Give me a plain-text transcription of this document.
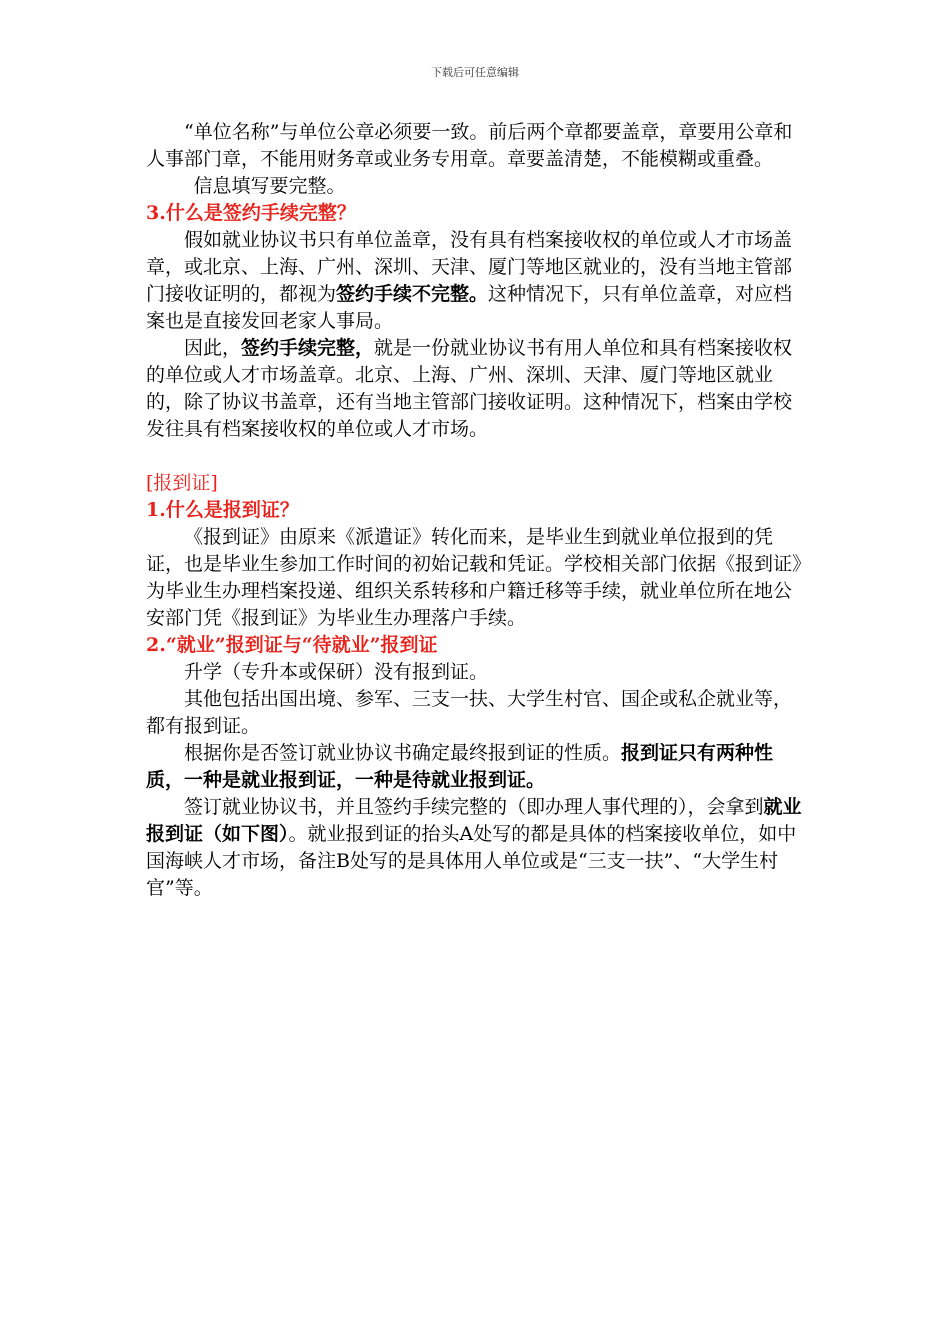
下载后可任意编辑

“单位名称”与单位公章必须要一致。前后两个章都要盖章，章要用公章和人事部门章，不能用财务章或业务专用章。章要盖清楚，不能模糊或重叠。

信息填写要完整。

3.什么是签约手续完整？

假如就业协议书只有单位盖章，没有具有档案接收权的单位或人才市场盖章，或北京、上海、广州、深圳、天津、厦门等地区就业的，没有当地主管部门接收证明的，都视为签约手续不完整。这种情况下，只有单位盖章，对应档案也是直接发回老家人事局。

因此，签约手续完整，就是一份就业协议书有用人单位和具有档案接收权的单位或人才市场盖章。北京、上海、广州、深圳、天津、厦门等地区就业的，除了协议书盖章，还有当地主管部门接收证明。这种情况下，档案由学校发往具有档案接收权的单位或人才市场。

[报到证]
1.什么是报到证？

《报到证》由原来《派遣证》转化而来，是毕业生到就业单位报到的凭证，也是毕业生参加工作时间的初始记载和凭证。学校相关部门依据《报到证》为毕业生办理档案投递、组织关系转移和户籍迁移等手续，就业单位所在地公安部门凭《报到证》为毕业生办理落户手续。

2.“就业”报到证与“待就业”报到证

升学（专升本或保研）没有报到证。

其他包括出国出境、参军、三支一扶、大学生村官、国企或私企就业等，都有报到证。

根据你是否签订就业协议书确定最终报到证的性质。报到证只有两种性质，一种是就业报到证，一种是待就业报到证。

签订就业协议书，并且签约手续完整的（即办理人事代理的），会拿到就业报到证（如下图）。就业报到证的抬头A处写的都是具体的档案接收单位，如中国海峡人才市场，备注B处写的是具体用人单位或是“三支一扶”、“大学生村官”等。
